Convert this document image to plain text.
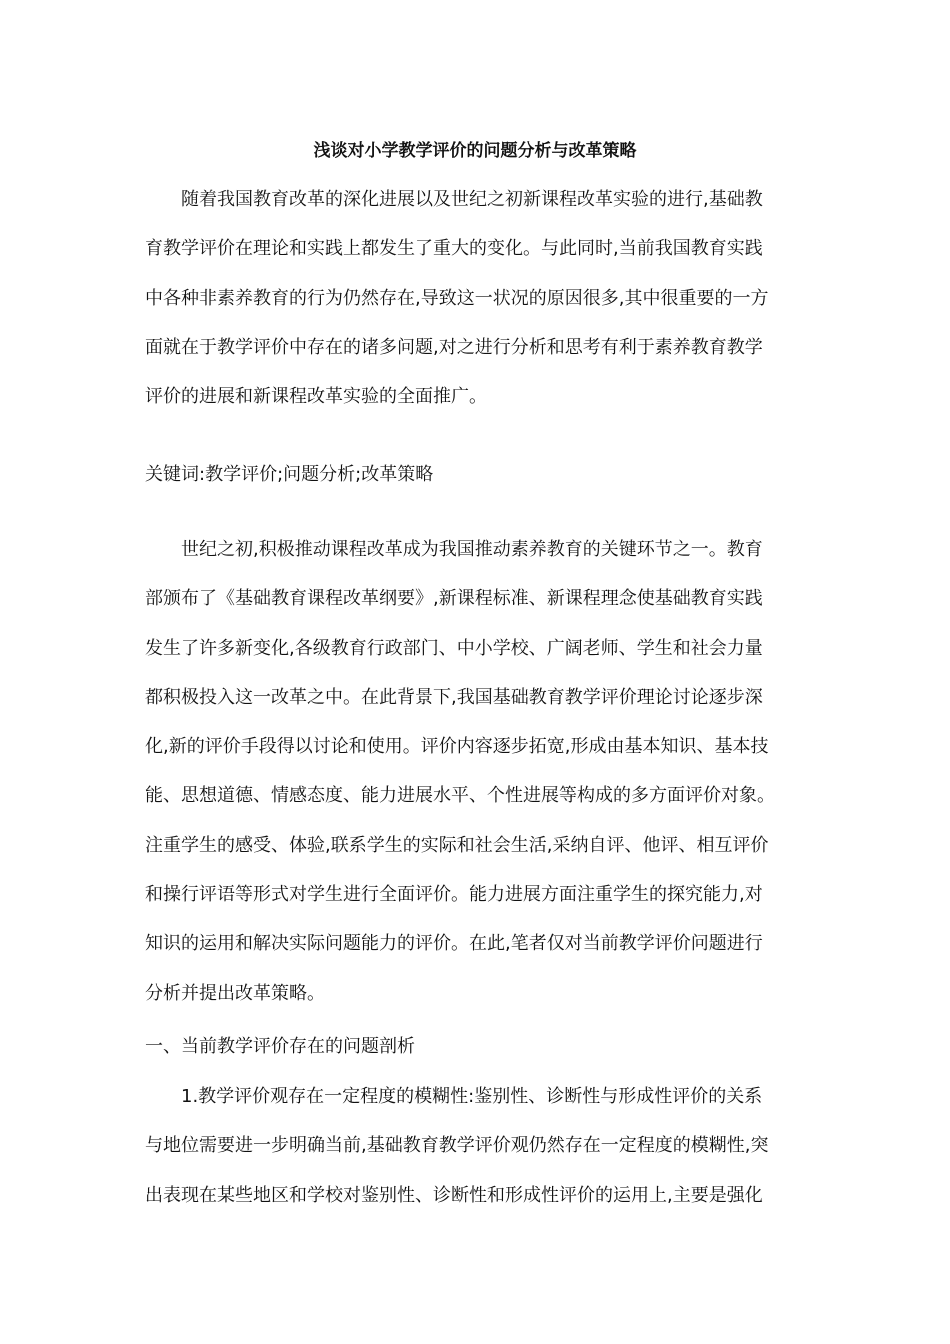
浅谈对小学教学评价的问题分析与改革策略
随着我国教育改革的深化进展以及世纪之初新课程改革实验的进行,基础教
育教学评价在理论和实践上都发生了重大的变化。与此同时,当前我国教育实践
中各种非素养教育的行为仍然存在,导致这一状况的原因很多,其中很重要的一方
面就在于教学评价中存在的诸多问题,对之进行分析和思考有利于素养教育教学
评价的进展和新课程改革实验的全面推广。
关键词:教学评价;问题分析;改革策略
世纪之初,积极推动课程改革成为我国推动素养教育的关键环节之一。教育
部颁布了《基础教育课程改革纲要》,新课程标准、新课程理念使基础教育实践
发生了许多新变化,各级教育行政部门、中小学校、广阔老师、学生和社会力量
都积极投入这一改革之中。在此背景下,我国基础教育教学评价理论讨论逐步深
化,新的评价手段得以讨论和使用。评价内容逐步拓宽,形成由基本知识、基本技
能、思想道德、情感态度、能力进展水平、个性进展等构成的多方面评价对象。
注重学生的感受、体验,联系学生的实际和社会生活,采纳自评、他评、相互评价
和操行评语等形式对学生进行全面评价。能力进展方面注重学生的探究能力,对
知识的运用和解决实际问题能力的评价。在此,笔者仅对当前教学评价问题进行
分析并提出改革策略。
一、当前教学评价存在的问题剖析
1.教学评价观存在一定程度的模糊性:鉴别性、诊断性与形成性评价的关系
与地位需要进一步明确当前,基础教育教学评价观仍然存在一定程度的模糊性,突
出表现在某些地区和学校对鉴别性、诊断性和形成性评价的运用上,主要是强化
